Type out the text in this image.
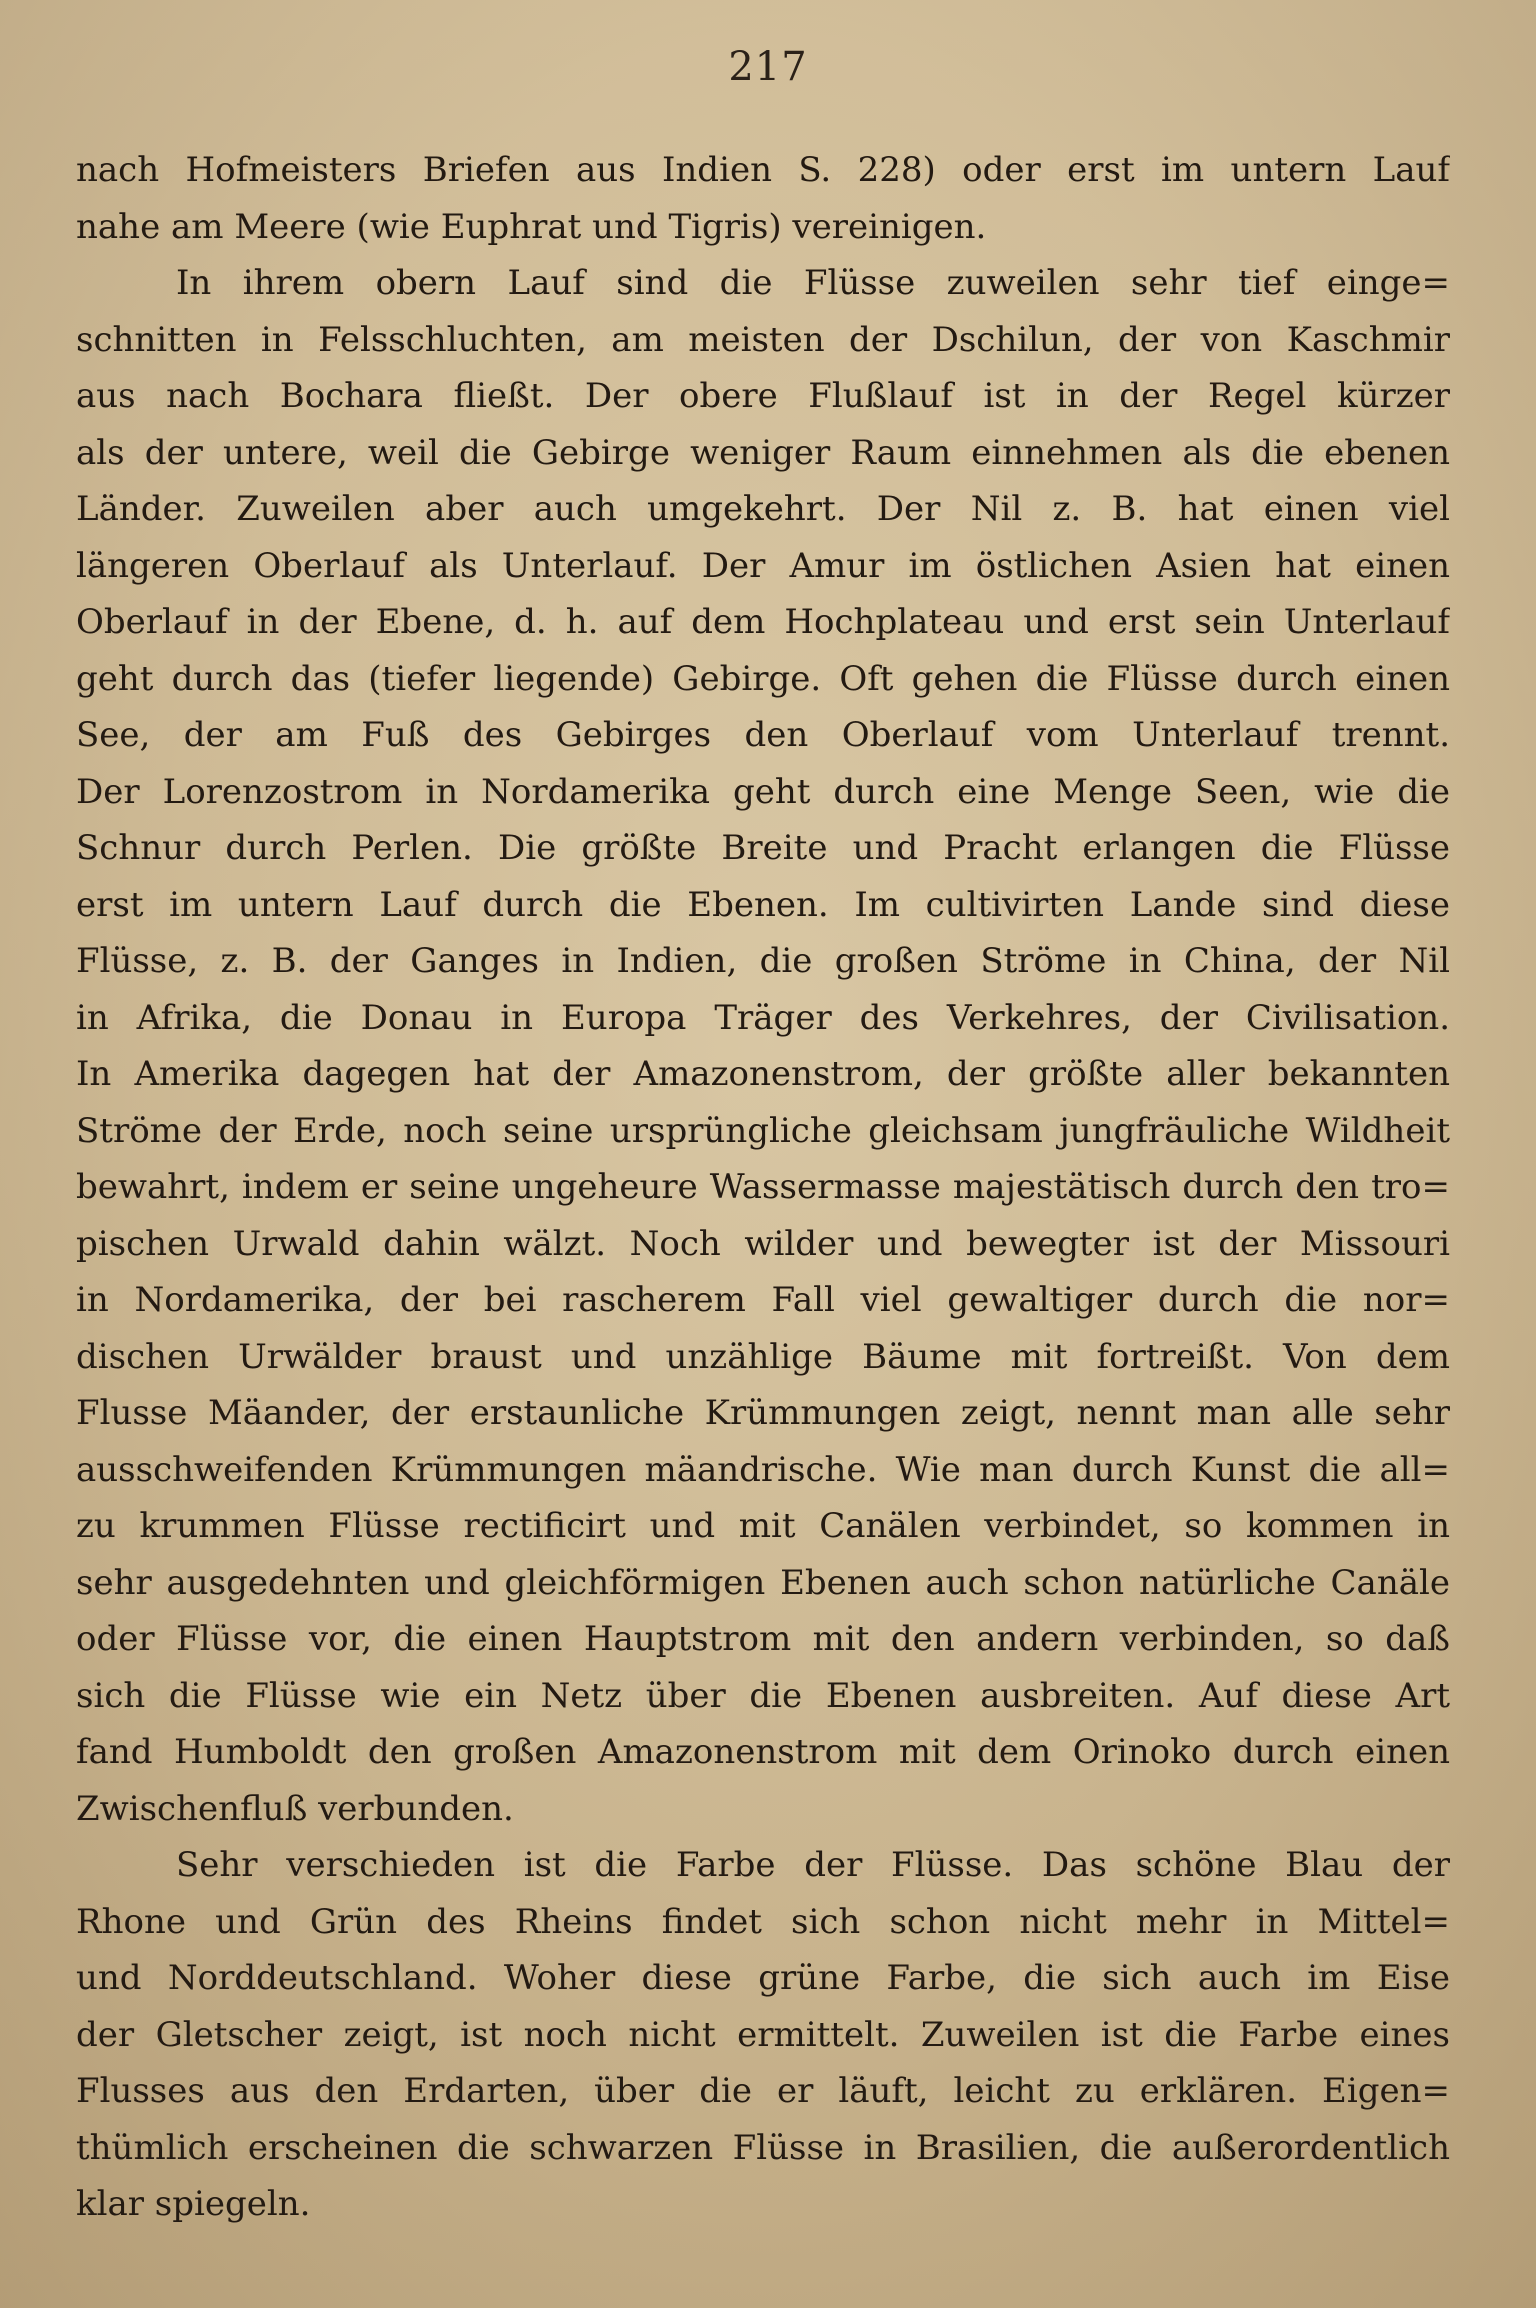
217
nach Hofmeisters Briefen aus Indien S. 228) oder erst im untern Lauf
nahe am Meere (wie Euphrat und Tigris) vereinigen.
In ihrem obern Lauf sind die Flüsse zuweilen sehr tief einge=
schnitten in Felsschluchten, am meisten der Dschilun, der von Kaschmir
aus nach Bochara fließt. Der obere Flußlauf ist in der Regel kürzer
als der untere, weil die Gebirge weniger Raum einnehmen als die ebenen
Länder. Zuweilen aber auch umgekehrt. Der Nil z. B. hat einen viel
längeren Oberlauf als Unterlauf. Der Amur im östlichen Asien hat einen
Oberlauf in der Ebene, d. h. auf dem Hochplateau und erst sein Unterlauf
geht durch das (tiefer liegende) Gebirge. Oft gehen die Flüsse durch einen
See, der am Fuß des Gebirges den Oberlauf vom Unterlauf trennt.
Der Lorenzostrom in Nordamerika geht durch eine Menge Seen, wie die
Schnur durch Perlen. Die größte Breite und Pracht erlangen die Flüsse
erst im untern Lauf durch die Ebenen. Im cultivirten Lande sind diese
Flüsse, z. B. der Ganges in Indien, die großen Ströme in China, der Nil
in Afrika, die Donau in Europa Träger des Verkehres, der Civilisation.
In Amerika dagegen hat der Amazonenstrom, der größte aller bekannten
Ströme der Erde, noch seine ursprüngliche gleichsam jungfräuliche Wildheit
bewahrt, indem er seine ungeheure Wassermasse majestätisch durch den tro=
pischen Urwald dahin wälzt. Noch wilder und bewegter ist der Missouri
in Nordamerika, der bei rascherem Fall viel gewaltiger durch die nor=
dischen Urwälder braust und unzählige Bäume mit fortreißt. Von dem
Flusse Mäander, der erstaunliche Krümmungen zeigt, nennt man alle sehr
ausschweifenden Krümmungen mäandrische. Wie man durch Kunst die all=
zu krummen Flüsse rectificirt und mit Canälen verbindet, so kommen in
sehr ausgedehnten und gleichförmigen Ebenen auch schon natürliche Canäle
oder Flüsse vor, die einen Hauptstrom mit den andern verbinden, so daß
sich die Flüsse wie ein Netz über die Ebenen ausbreiten. Auf diese Art
fand Humboldt den großen Amazonenstrom mit dem Orinoko durch einen
Zwischenfluß verbunden.
Sehr verschieden ist die Farbe der Flüsse. Das schöne Blau der
Rhone und Grün des Rheins findet sich schon nicht mehr in Mittel=
und Norddeutschland. Woher diese grüne Farbe, die sich auch im Eise
der Gletscher zeigt, ist noch nicht ermittelt. Zuweilen ist die Farbe eines
Flusses aus den Erdarten, über die er läuft, leicht zu erklären. Eigen=
thümlich erscheinen die schwarzen Flüsse in Brasilien, die außerordentlich
klar spiegeln.
